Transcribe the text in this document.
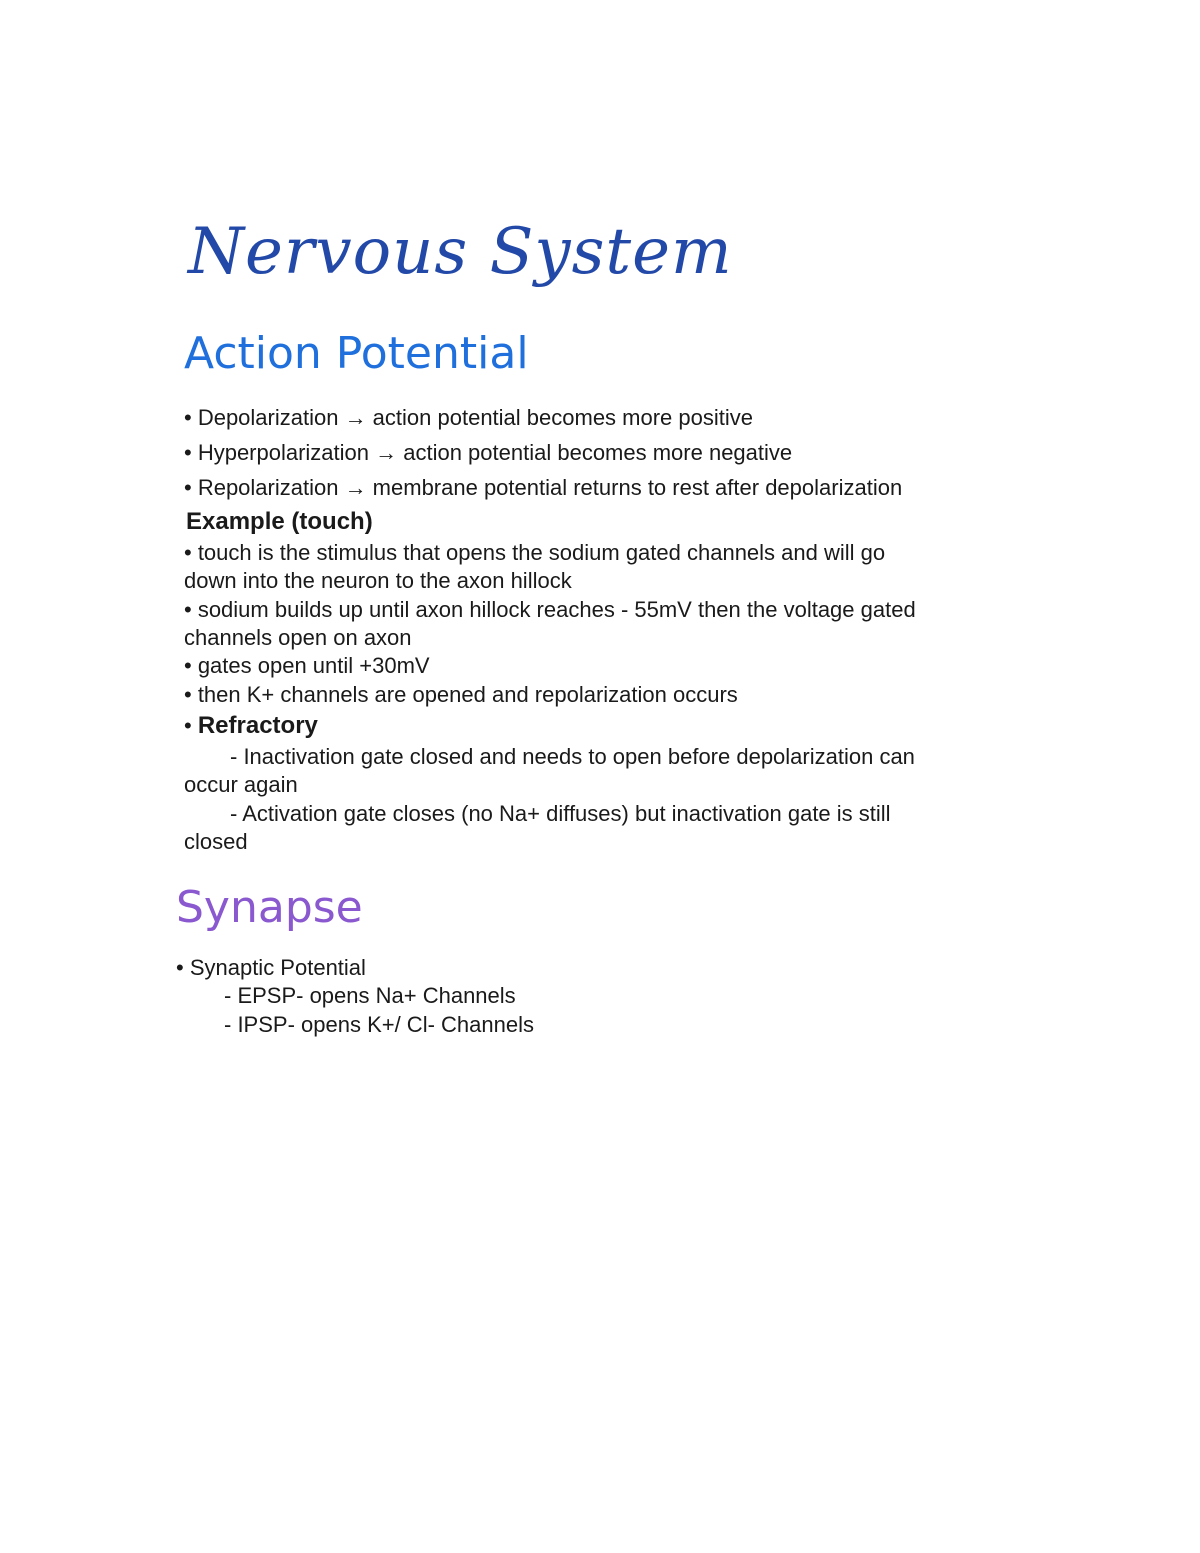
Nervous System
Action Potential
• Depolarization → action potential becomes more positive
• Hyperpolarization → action potential becomes more negative
• Repolarization → membrane potential returns to rest after depolarization
Example (touch)
• touch is the stimulus that opens the sodium gated channels and will go
down into the neuron to the axon hillock
• sodium builds up until axon hillock reaches - 55mV then the voltage gated
channels open on axon
• gates open until +30mV
• then K+ channels are opened and repolarization occurs
• Refractory
- Inactivation gate closed and needs to open before depolarization can
occur again
- Activation gate closes (no Na+ diffuses) but inactivation gate is still
closed
Synapse
• Synaptic Potential
- EPSP- opens Na+ Channels
- IPSP- opens K+/ Cl- Channels
